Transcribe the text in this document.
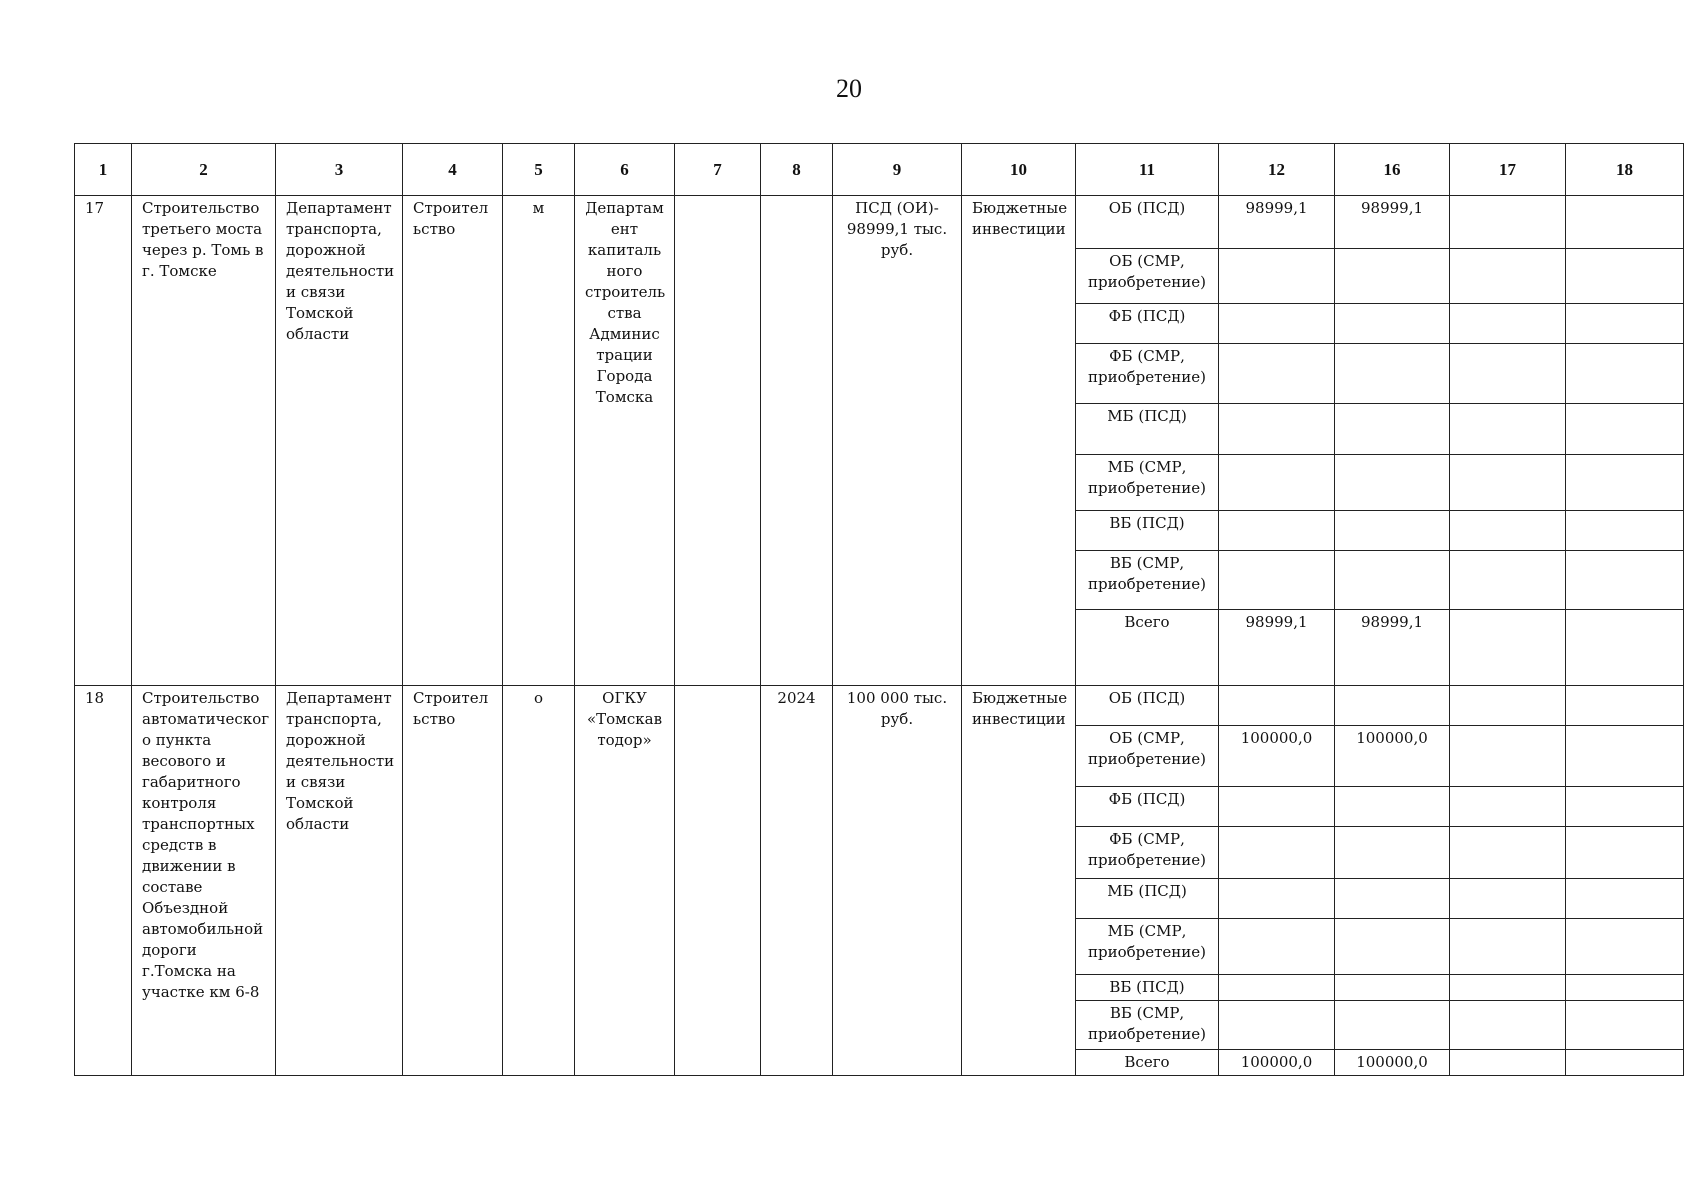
20
1	2	3	4	5	6	7	8	9	10	11	12	16	17	18
17	Строительство третьего моста через р. Томь в г. Томске	Департамент транспорта, дорожной деятельности и связи Томской области	Строител ьство	м	Департам ент капиталь ного строитель ства Админис трации Города Томска			ПСД (ОИ)- 98999,1 тыс. руб.	Бюджетные инвестиции	ОБ (ПСД)	98999,1	98999,1		
										ОБ (СМР, приобретение)				
										ФБ (ПСД)				
										ФБ (СМР, приобретение)				
										МБ (ПСД)				
										МБ (СМР, приобретение)				
										ВБ (ПСД)				
										ВБ (СМР, приобретение)				
										Всего	98999,1	98999,1		
18	Строительство автоматическог о пункта весового и габаритного контроля транспортных средств в движении в составе Объездной автомобильной дороги г.Томска на участке км 6-8	Департамент транспорта, дорожной деятельности и связи Томской области	Строител ьство	о	ОГКУ «Томскав тодор»		2024	100 000 тыс. руб.	Бюджетные инвестиции	ОБ (ПСД)				
										ОБ (СМР, приобретение)	100000,0	100000,0		
										ФБ (ПСД)				
										ФБ (СМР, приобретение)				
										МБ (ПСД)				
										МБ (СМР, приобретение)				
										ВБ (ПСД)				
										ВБ (СМР, приобретение)				
										Всего	100000,0	100000,0		
